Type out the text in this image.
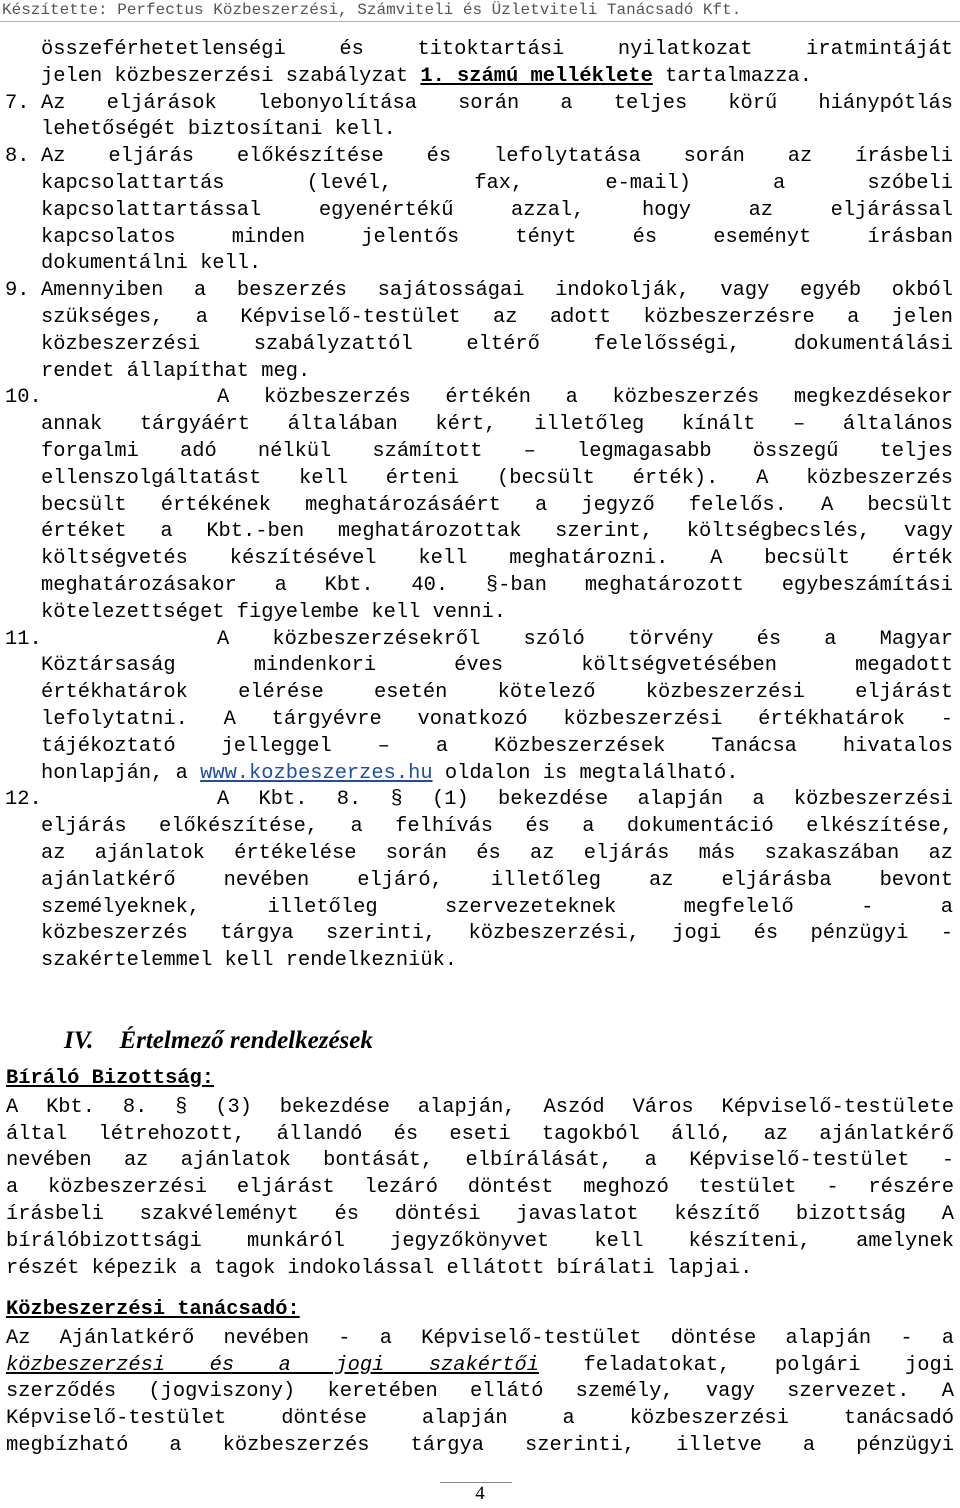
Készítette: Perfectus Közbeszerzési, Számviteli és Üzletviteli Tanácsadó Kft.

összeférhetetlenségi és titoktartási nyilatkozat iratmintáját

jelen közbeszerzési szabályzat 1. számú melléklete tartalmazza.

7. Az eljárások lebonyolítása során a teljes körű hiánypótlás

lehetőségét biztosítani kell.

8. Az eljárás előkészítése és lefolytatása során az írásbeli

kapcsolattartás (levél, fax, e-mail) a szóbeli

kapcsolattartással egyenértékű azzal, hogy az eljárással

kapcsolatos minden jelentős tényt és eseményt írásban

dokumentálni kell.

9. Amennyiben a beszerzés sajátosságai indokolják, vagy egyéb okból

szükséges, a Képviselő-testület az adott közbeszerzésre a jelen

közbeszerzési szabályzattól eltérő felelősségi, dokumentálási

rendet állapíthat meg.

10.	A közbeszerzés értékén a közbeszerzés megkezdésekor

annak tárgyáért általában kért, illetőleg kínált – általános

forgalmi adó nélkül számított – legmagasabb összegű teljes

ellenszolgáltatást kell érteni (becsült érték). A közbeszerzés

becsült értékének meghatározásáért a jegyző felelős. A becsült

értéket a Kbt.-ben meghatározottak szerint, költségbecslés, vagy

költségvetés készítésével kell meghatározni. A becsült érték

meghatározásakor a Kbt. 40. §-ban meghatározott egybeszámítási

kötelezettséget figyelembe kell venni.

11.	A közbeszerzésekről szóló törvény és a Magyar

Köztársaság mindenkori éves költségvetésében megadott

értékhatárok elérése esetén kötelező közbeszerzési eljárást

lefolytatni. A tárgyévre vonatkozó közbeszerzési értékhatárok -

tájékoztató jelleggel – a Közbeszerzések Tanácsa hivatalos

honlapján, a www.kozbeszerzes.hu oldalon is megtalálható.

12.	A Kbt. 8. § (1) bekezdése alapján a közbeszerzési

eljárás előkészítése, a felhívás és a dokumentáció elkészítése,

az ajánlatok értékelése során és az eljárás más szakaszában az

ajánlatkérő nevében eljáró, illetőleg az eljárásba bevont

személyeknek, illetőleg szervezeteknek megfelelő - a

közbeszerzés tárgya szerinti, közbeszerzési, jogi és pénzügyi -

szakértelemmel kell rendelkezniük.

IV. Értelmező rendelkezések

Bíráló Bizottság:

A Kbt. 8. § (3) bekezdése alapján, Aszód Város Képviselő-testülete

által létrehozott, állandó és eseti tagokból álló, az ajánlatkérő

nevében az ajánlatok bontását, elbírálását, a Képviselő-testület -

a közbeszerzési eljárást lezáró döntést meghozó testület - részére

írásbeli szakvéleményt és döntési javaslatot készítő bizottság A

bírálóbizottsági munkáról jegyzőkönyvet kell készíteni, amelynek

részét képezik a tagok indokolással ellátott bírálati lapjai.

Közbeszerzési tanácsadó:

Az Ajánlatkérő nevében - a Képviselő-testület döntése alapján - a

közbeszerzési és a jogi szakértői feladatokat, polgári jogi

szerződés (jogviszony) keretében ellátó személy, vagy szervezet. A

Képviselő-testület döntése alapján a közbeszerzési tanácsadó

megbízható a közbeszerzés tárgya szerinti, illetve a pénzügyi

4
